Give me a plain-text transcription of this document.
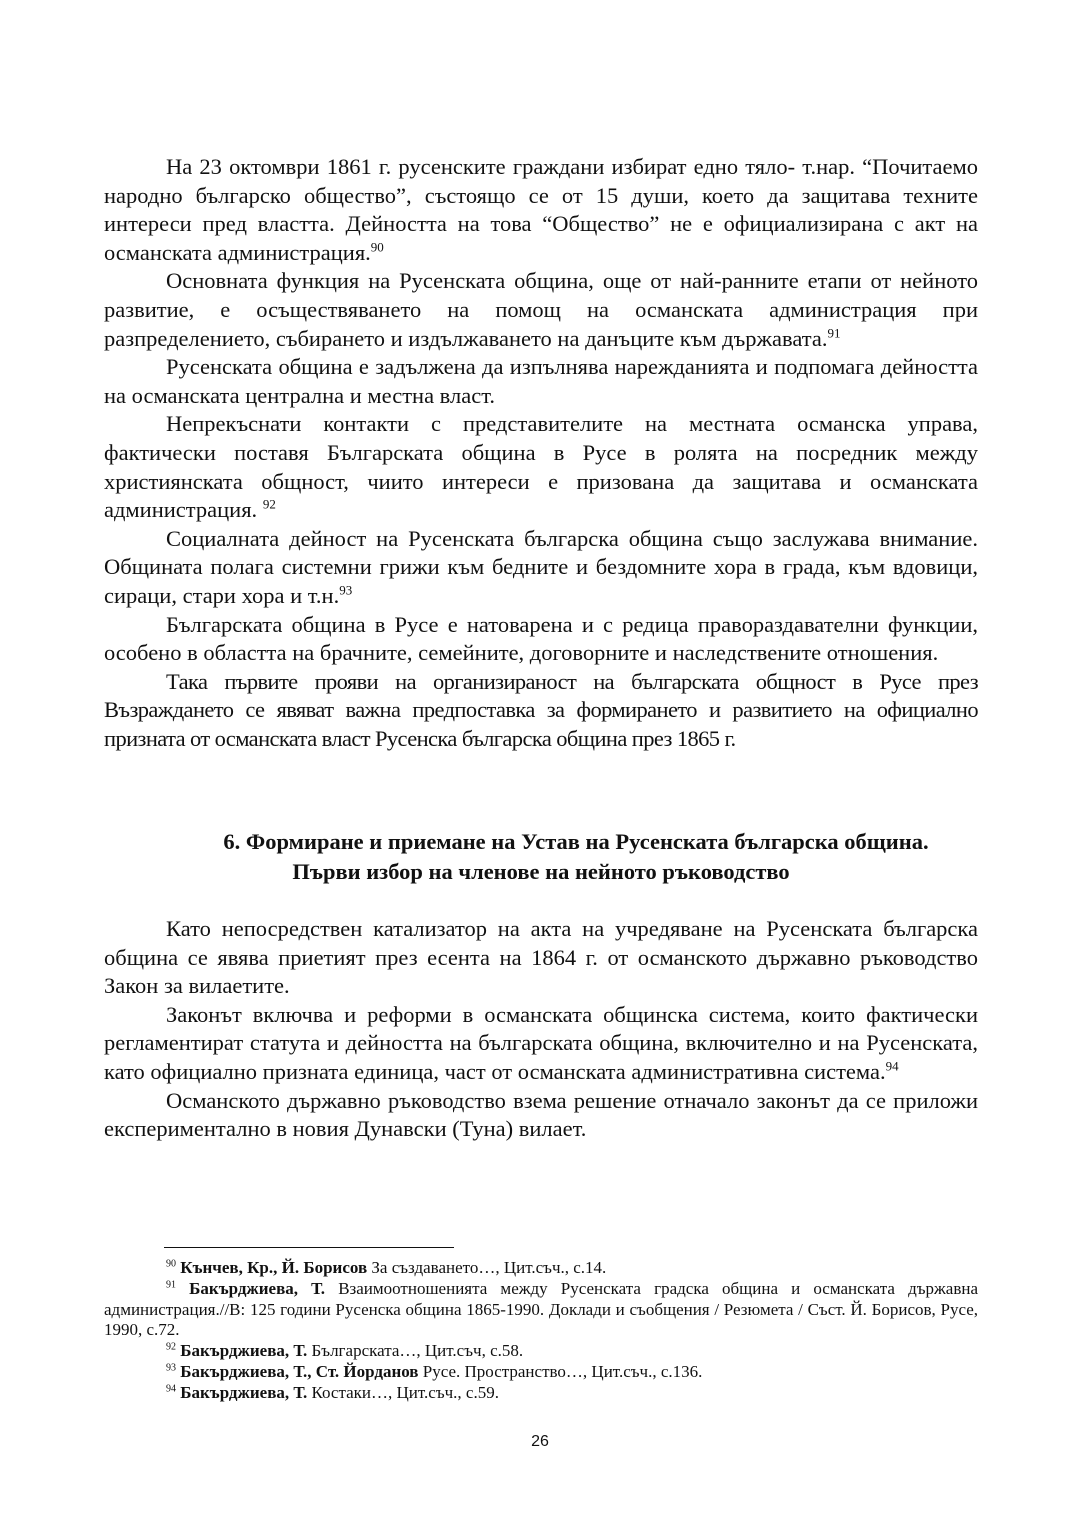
На 23 октомври 1861 г. русенските граждани избират едно тяло- т.нар. “Почитаемо народно българско общество”, състоящо се от 15 души, което да защитава техните интереси пред властта. Дейността на това “Общество” не е официализирана с акт на османската администрация.$^{90}$

Основната функция на Русенската община, още от най-ранните етапи от нейното развитие, е осъществяването на помощ на османската администрация при разпределението, събирането и издължаването на данъците към държавата.$^{91}$

Русенската община е задължена да изпълнява нарежданията и подпомага дейността на османската централна и местна власт.

Непрекъснати контакти с представителите на местната османска управа, фактически поставя Българската община в Русе в ролята на посредник между християнската общност, чиито интереси е призована да защитава и османската администрация. $^{92}$

Социалната дейност на Русенската българска община също заслужава внимание. Общината полага системни грижи към бедните и бездомните хора в града, към вдовици, сираци, стари хора и т.н.$^{93}$

Българската община в Русе е натоварена и с редица правораздавателни функции, особено в областта на брачните, семейните, договорните и наследствените отношения.

Така първите прояви на организираност на българската общност в Русе през Възраждането се явяват важна предпоставка за формирането и развитието на официално призната от османската власт Русенска българска община през 1865 г.

6. Формиране и приемане на Устав на Русенската българска община.
Първи избор на членове на нейното ръководство

Като непосредствен катализатор на акта на учредяване на Русенската българска община се явява приетият през есента на 1864 г. от османското държавно ръководство Закон за вилаетите.

Законът включва и реформи в османската общинска система, които фактически регламентират статута и дейността на българската община, включително и на Русенската, като официално призната единица, част от османската административна система.$^{94}$

Османското държавно ръководство взема решение отначало законът да се приложи експериментално в новия Дунавски (Туна) вилает.

$^{90}$ Кънчев, Кр., Й. Борисов За създаването…, Цит.съч., с.14.

$^{91}$ Бакърджиева, Т. Взаимоотношенията между Русенската градска община и османската държавна администрация.//В: 125 години Русенска община 1865-1990. Доклади и съобщения / Резюмета / Съст. Й. Борисов, Русе, 1990, с.72.

$^{92}$ Бакърджиева, Т. Българската…, Цит.съч, с.58.

$^{93}$ Бакърджиева, Т., Ст. Йорданов Русе. Пространство…, Цит.съч., с.136.

$^{94}$ Бакърджиева, Т. Костаки…, Цит.съч., с.59.

26
